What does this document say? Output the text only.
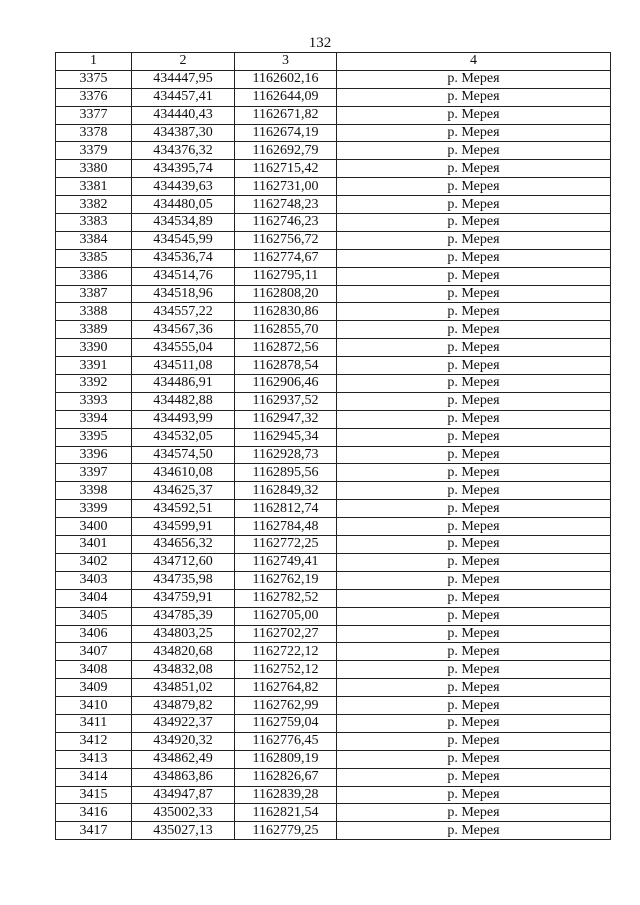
132
1	2	3	4
3375	434447,95	1162602,16	р. Мерея
3376	434457,41	1162644,09	р. Мерея
3377	434440,43	1162671,82	р. Мерея
3378	434387,30	1162674,19	р. Мерея
3379	434376,32	1162692,79	р. Мерея
3380	434395,74	1162715,42	р. Мерея
3381	434439,63	1162731,00	р. Мерея
3382	434480,05	1162748,23	р. Мерея
3383	434534,89	1162746,23	р. Мерея
3384	434545,99	1162756,72	р. Мерея
3385	434536,74	1162774,67	р. Мерея
3386	434514,76	1162795,11	р. Мерея
3387	434518,96	1162808,20	р. Мерея
3388	434557,22	1162830,86	р. Мерея
3389	434567,36	1162855,70	р. Мерея
3390	434555,04	1162872,56	р. Мерея
3391	434511,08	1162878,54	р. Мерея
3392	434486,91	1162906,46	р. Мерея
3393	434482,88	1162937,52	р. Мерея
3394	434493,99	1162947,32	р. Мерея
3395	434532,05	1162945,34	р. Мерея
3396	434574,50	1162928,73	р. Мерея
3397	434610,08	1162895,56	р. Мерея
3398	434625,37	1162849,32	р. Мерея
3399	434592,51	1162812,74	р. Мерея
3400	434599,91	1162784,48	р. Мерея
3401	434656,32	1162772,25	р. Мерея
3402	434712,60	1162749,41	р. Мерея
3403	434735,98	1162762,19	р. Мерея
3404	434759,91	1162782,52	р. Мерея
3405	434785,39	1162705,00	р. Мерея
3406	434803,25	1162702,27	р. Мерея
3407	434820,68	1162722,12	р. Мерея
3408	434832,08	1162752,12	р. Мерея
3409	434851,02	1162764,82	р. Мерея
3410	434879,82	1162762,99	р. Мерея
3411	434922,37	1162759,04	р. Мерея
3412	434920,32	1162776,45	р. Мерея
3413	434862,49	1162809,19	р. Мерея
3414	434863,86	1162826,67	р. Мерея
3415	434947,87	1162839,28	р. Мерея
3416	435002,33	1162821,54	р. Мерея
3417	435027,13	1162779,25	р. Мерея
